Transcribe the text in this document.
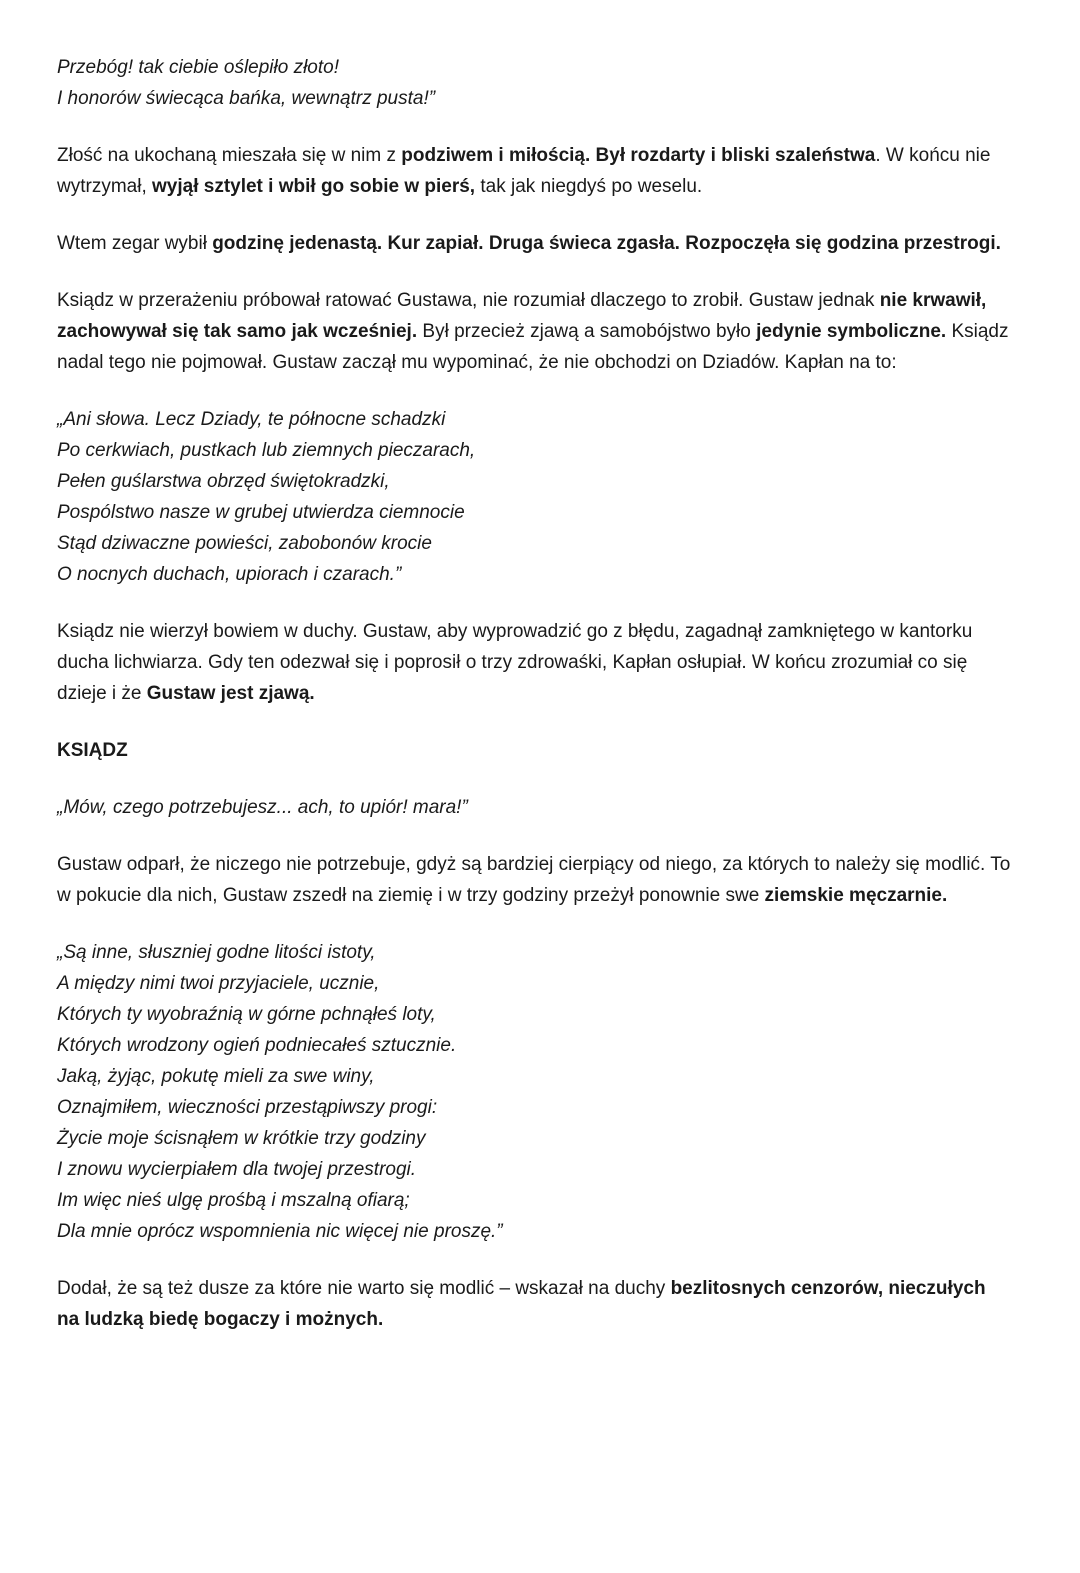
Przebóg! tak ciebie oślepiło złoto!
I honorów świecąca bańka, wewnątrz pusta!”

Złość na ukochaną mieszała się w nim z podziwem i miłością. Był rozdarty i bliski szaleństwa. W końcu nie wytrzymał, wyjął sztylet i wbił go sobie w pierś, tak jak niegdyś po weselu.

Wtem zegar wybił godzinę jedenastą. Kur zapiał. Druga świeca zgasła. Rozpoczęła się godzina przestrogi.

Ksiądz w przerażeniu próbował ratować Gustawa, nie rozumiał dlaczego to zrobił. Gustaw jednak nie krwawił, zachowywał się tak samo jak wcześniej. Był przecież zjawą a samobójstwo było jedynie symboliczne. Ksiądz nadal tego nie pojmował. Gustaw zaczął mu wypominać, że nie obchodzi on Dziadów. Kapłan na to:

„Ani słowa. Lecz Dziady, te północne schadzki
Po cerkwiach, pustkach lub ziemnych pieczarach,
Pełen guślarstwa obrzęd świętokradzki,
Pospólstwo nasze w grubej utwierdza ciemnocie
Stąd dziwaczne powieści, zabobonów krocie
O nocnych duchach, upiorach i czarach.”

Ksiądz nie wierzył bowiem w duchy. Gustaw, aby wyprowadzić go z błędu, zagadnął zamkniętego w kantorku ducha lichwiarza. Gdy ten odezwał się i poprosił o trzy zdrowaśki, Kapłan osłupiał. W końcu zrozumiał co się dzieje i że Gustaw jest zjawą.

KSIĄDZ
„Mów, czego potrzebujesz... ach, to upiór! mara!”

Gustaw odparł, że niczego nie potrzebuje, gdyż są bardziej cierpiący od niego, za których to należy się modlić. To w pokucie dla nich, Gustaw zszedł na ziemię i w trzy godziny przeżył ponownie swe ziemskie męczarnie.

„Są inne, słuszniej godne litości istoty,
A między nimi twoi przyjaciele, ucznie,
Których ty wyobraźnią w górne pchnąłeś loty,
Których wrodzony ogień podniecałeś sztucznie.
Jaką, żyjąc, pokutę mieli za swe winy,
Oznajmiłem, wieczności przestąpiwszy progi:
Życie moje ścisnąłem w krótkie trzy godziny
I znowu wycierpiałem dla twojej przestrogi.
Im więc nieś ulgę prośbą i mszalną ofiarą;
Dla mnie oprócz wspomnienia nic więcej nie proszę.”

Dodał, że są też dusze za które nie warto się modlić – wskazał na duchy bezlitosnych cenzorów, nieczułych na ludzką biedę bogaczy i możnych.
